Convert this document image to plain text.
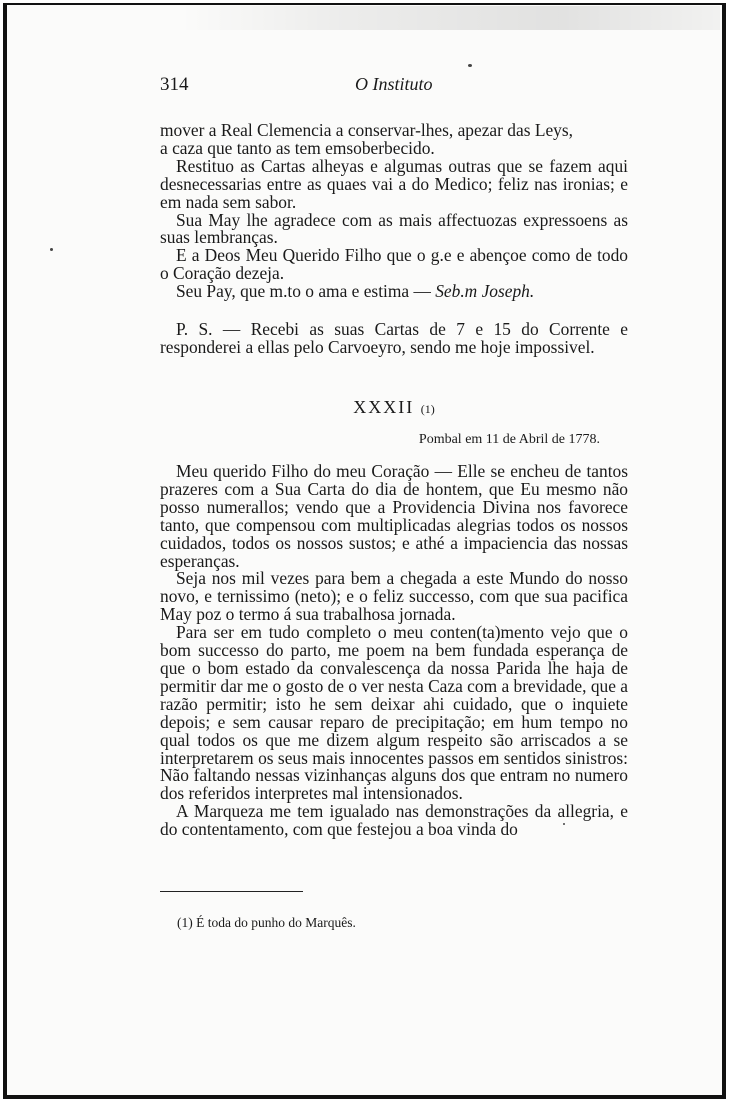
314	O Instituto

mover a Real Clemencia a conservar-lhes, apezar das Leys,

a caza que tanto as tem emsoberbecido.

Restituo as Cartas alheyas e algumas outras que se fazem aqui desnecessarias entre as quaes vai a do Medico; feliz nas ironias; e em nada sem sabor.

Sua May lhe agradece com as mais affectuozas expressoens as suas lembranças.

E a Deos Meu Querido Filho que o g.e e abençoe como de todo o Coração dezeja.

Seu Pay, que m.to o ama e estima — Seb.m Joseph.

P. S. — Recebi as suas Cartas de 7 e 15 do Corrente e responderei a ellas pelo Carvoeyro, sendo me hoje impossivel.

XXXII (1)
Pombal em 11 de Abril de 1778.

Meu querido Filho do meu Coração — Elle se encheu de tantos prazeres com a Sua Carta do dia de hontem, que Eu mesmo não posso numerallos; vendo que a Providencia Divina nos favorece tanto, que compensou com multiplicadas alegrias todos os nossos cuidados, todos os nossos sustos; e athé a impaciencia das nossas esperanças.

Seja nos mil vezes para bem a chegada a este Mundo do nosso novo, e ternissimo (neto); e o feliz successo, com que sua pacifica May poz o termo á sua trabalhosa jornada.

Para ser em tudo completo o meu conten(ta)mento vejo que o bom successo do parto, me poem na bem fundada esperança de que o bom estado da convalescença da nossa Parida lhe haja de permitir dar me o gosto de o ver nesta Caza com a brevidade, que a razão permitir; isto he sem deixar ahi cuidado, que o inquiete depois; e sem causar reparo de precipitação; em hum tempo no qual todos os que me dizem algum respeito são arriscados a se interpretarem os seus mais innocentes passos em sentidos sinistros: Não faltando nessas vizinhanças alguns dos que entram no numero dos referidos interpretes mal intensionados.

A Marqueza me tem igualado nas demonstrações da allegria, e do contentamento, com que festejou a boa vinda do

(1) É toda do punho do Marquês.
